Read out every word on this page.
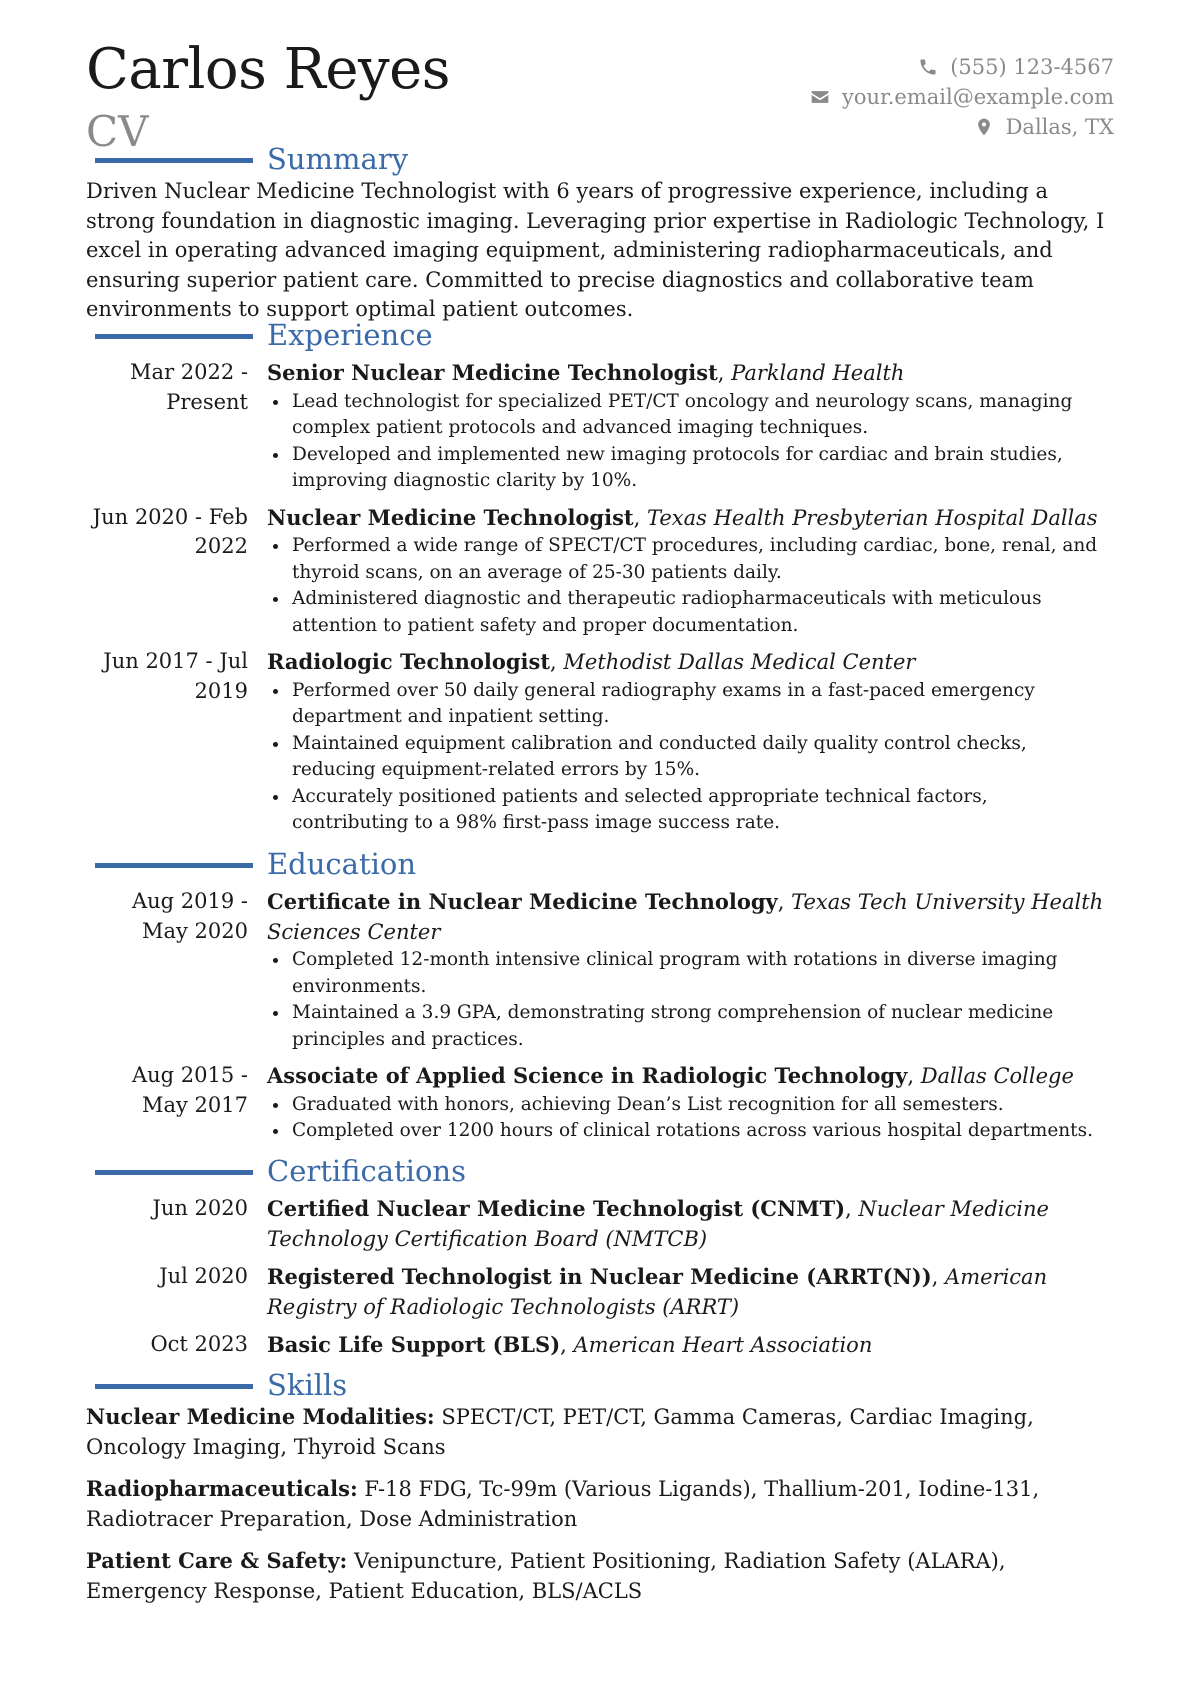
Carlos Reyes
CV
(555) 123-4567
your.email@example.com
Dallas, TX
Summary

Driven Nuclear Medicine Technologist with 6 years of progressive experience, including a strong foundation in diagnostic imaging. Leveraging prior expertise in Radiologic Technology, I excel in operating advanced imaging equipment, administering radiopharmaceuticals, and ensuring superior patient care. Committed to precise diagnostics and collaborative team environments to support optimal patient outcomes.

Experience
Mar 2022 - Present
Senior Nuclear Medicine Technologist, Parkland Health
Lead technologist for specialized PET/CT oncology and neurology scans, managing complex patient protocols and advanced imaging techniques.
Developed and implemented new imaging protocols for cardiac and brain studies, improving diagnostic clarity by 10%.
Jun 2020 - Feb 2022
Nuclear Medicine Technologist, Texas Health Presbyterian Hospital Dallas
Performed a wide range of SPECT/CT procedures, including cardiac, bone, renal, and thyroid scans, on an average of 25-30 patients daily.
Administered diagnostic and therapeutic radiopharmaceuticals with meticulous attention to patient safety and proper documentation.
Jun 2017 - Jul 2019
Radiologic Technologist, Methodist Dallas Medical Center
Performed over 50 daily general radiography exams in a fast-paced emergency department and inpatient setting.
Maintained equipment calibration and conducted daily quality control checks, reducing equipment-related errors by 15%.
Accurately positioned patients and selected appropriate technical factors, contributing to a 98% first-pass image success rate.
Education
Aug 2019 - May 2020
Certificate in Nuclear Medicine Technology, Texas Tech University Health Sciences Center
Completed 12-month intensive clinical program with rotations in diverse imaging environments.
Maintained a 3.9 GPA, demonstrating strong comprehension of nuclear medicine principles and practices.
Aug 2015 - May 2017
Associate of Applied Science in Radiologic Technology, Dallas College
Graduated with honors, achieving Dean’s List recognition for all semesters.
Completed over 1200 hours of clinical rotations across various hospital departments.
Certifications
Jun 2020 Certified Nuclear Medicine Technologist (CNMT), Nuclear Medicine Technology Certification Board (NMTCB)
Jul 2020 Registered Technologist in Nuclear Medicine (ARRT(N)), American Registry of Radiologic Technologists (ARRT)
Oct 2023 Basic Life Support (BLS), American Heart Association
Skills
Nuclear Medicine Modalities: SPECT/CT, PET/CT, Gamma Cameras, Cardiac Imaging, Oncology Imaging, Thyroid Scans
Radiopharmaceuticals: F-18 FDG, Tc-99m (Various Ligands), Thallium-201, Iodine-131, Radiotracer Preparation, Dose Administration
Patient Care & Safety: Venipuncture, Patient Positioning, Radiation Safety (ALARA), Emergency Response, Patient Education, BLS/ACLS
